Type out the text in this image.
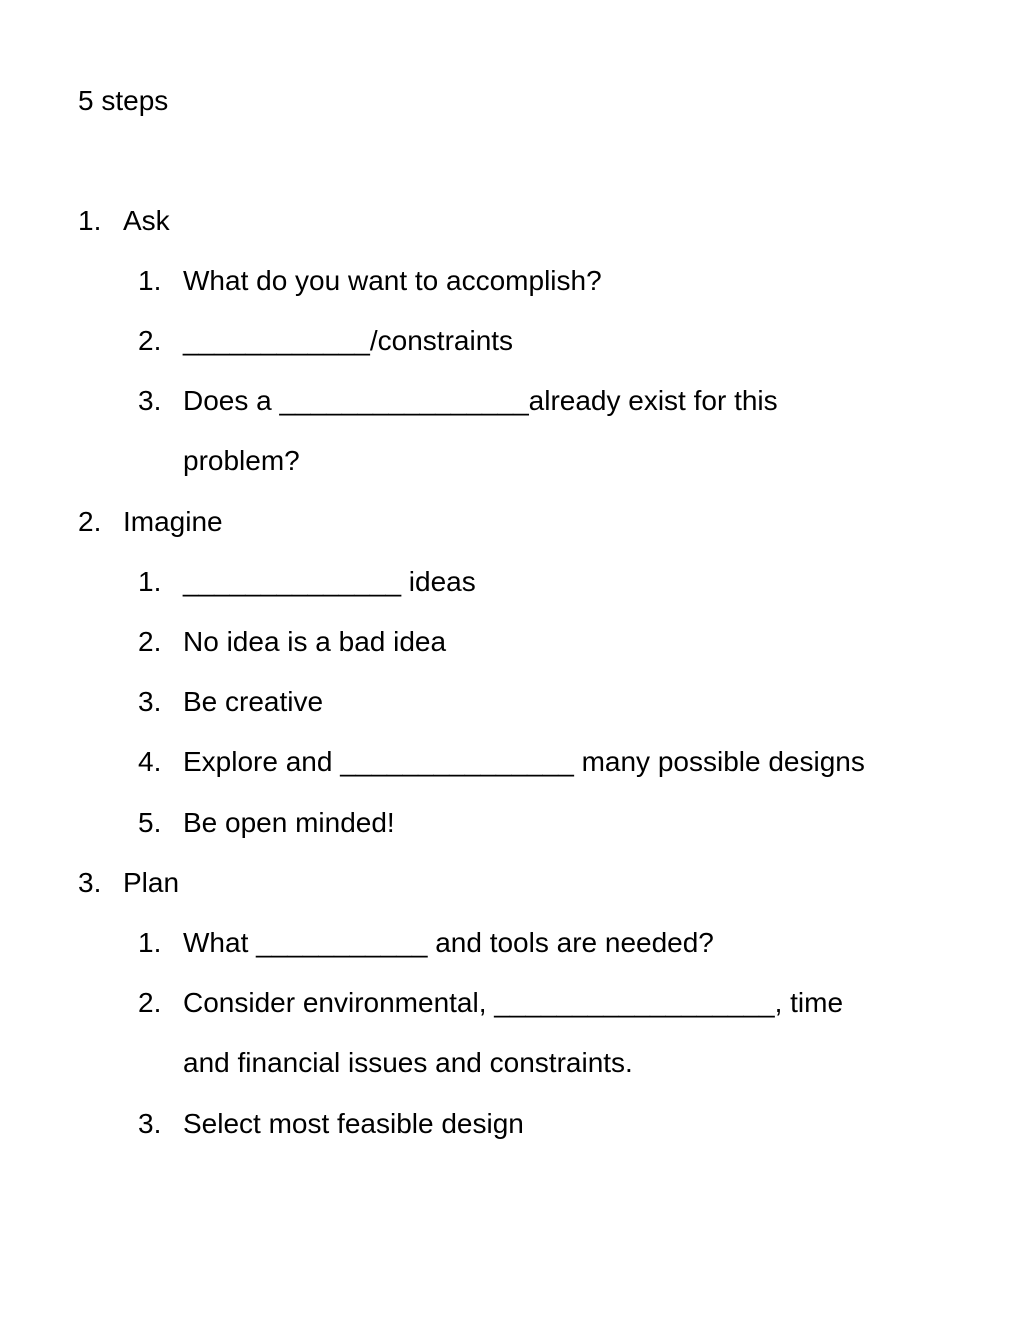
5 steps
1. Ask
1. What do you want to accomplish?
2. ____________/constraints
3. Does a ________________already exist for this
problem?
2. Imagine
1. ______________ ideas
2. No idea is a bad idea
3. Be creative
4. Explore and _______________ many possible designs
5. Be open minded!
3. Plan
1. What ___________ and tools are needed?
2. Consider environmental, __________________, time
and financial issues and constraints.
3. Select most feasible design
